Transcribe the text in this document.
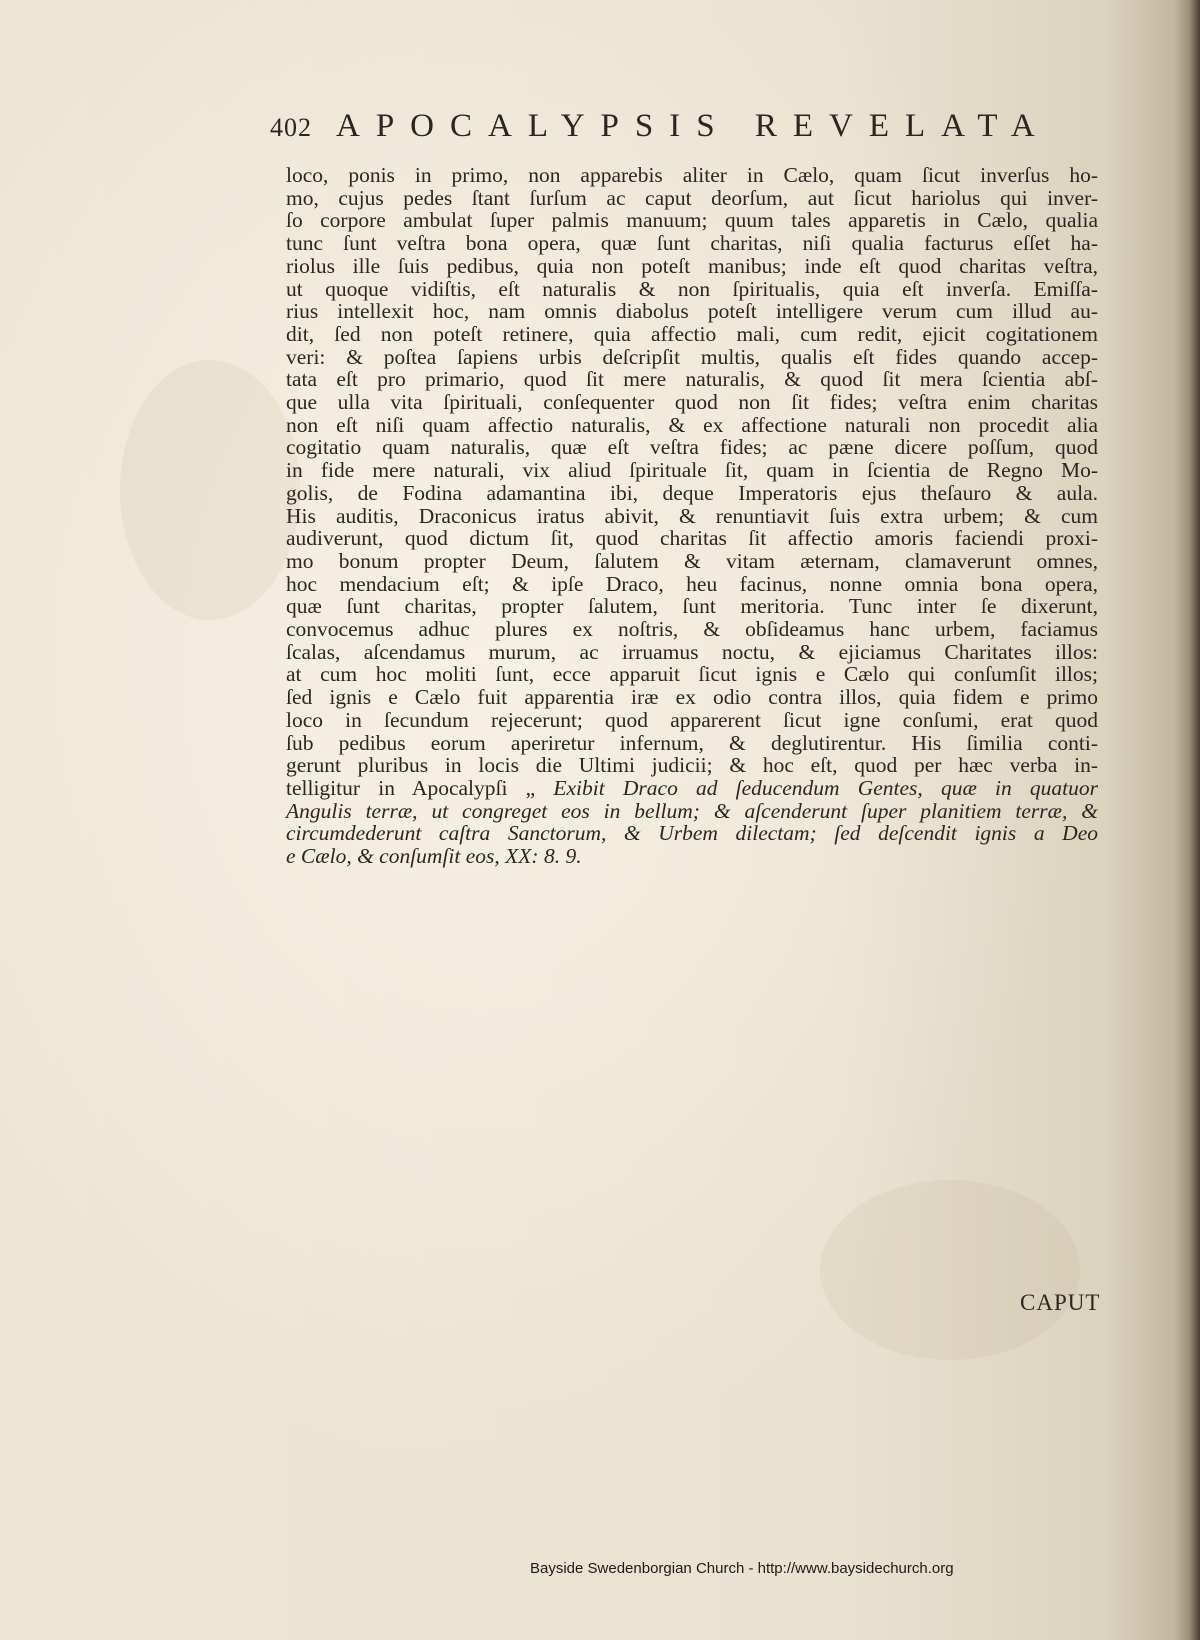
402 APOCALYPSIS REVELATA
loco, ponis in primo, non apparebis aliter in Cælo, quam ſicut inverſus ho-
mo, cujus pedes ſtant ſurſum ac caput deorſum, aut ſicut hariolus qui inver-
ſo corpore ambulat ſuper palmis manuum; quum tales apparetis in Cælo, qualia
tunc ſunt veſtra bona opera, quæ ſunt charitas, niſi qualia facturus eſſet ha-
riolus ille ſuis pedibus, quia non poteſt manibus; inde eſt quod charitas veſtra,
ut quoque vidiſtis, eſt naturalis & non ſpiritualis, quia eſt inverſa. Emiſſa-
rius intellexit hoc, nam omnis diabolus poteſt intelligere verum cum illud au-
dit, ſed non poteſt retinere, quia affectio mali, cum redit, ejicit cogitationem
veri: & poſtea ſapiens urbis deſcripſit multis, qualis eſt fides quando accep-
tata eſt pro primario, quod ſit mere naturalis, & quod ſit mera ſcientia abſ-
que ulla vita ſpirituali, conſequenter quod non ſit fides; veſtra enim charitas
non eſt niſi quam affectio naturalis, & ex affectione naturali non procedit alia
cogitatio quam naturalis, quæ eſt veſtra fides; ac pæne dicere poſſum, quod
in fide mere naturali, vix aliud ſpirituale ſit, quam in ſcientia de Regno Mo-
golis, de Fodina adamantina ibi, deque Imperatoris ejus theſauro & aula.
His auditis, Draconicus iratus abivit, & renuntiavit ſuis extra urbem; & cum
audiverunt, quod dictum ſit, quod charitas ſit affectio amoris faciendi proxi-
mo bonum propter Deum, ſalutem & vitam æternam, clamaverunt omnes,
hoc mendacium eſt; & ipſe Draco, heu facinus, nonne omnia bona opera,
quæ ſunt charitas, propter ſalutem, ſunt meritoria. Tunc inter ſe dixerunt,
convocemus adhuc plures ex noſtris, & obſideamus hanc urbem, faciamus
ſcalas, aſcendamus murum, ac irruamus noctu, & ejiciamus Charitates illos:
at cum hoc moliti ſunt, ecce apparuit ſicut ignis e Cælo qui conſumſit illos;
ſed ignis e Cælo fuit apparentia iræ ex odio contra illos, quia fidem e primo
loco in ſecundum rejecerunt; quod apparerent ſicut igne conſumi, erat quod
ſub pedibus eorum aperiretur infernum, & deglutirentur. His ſimilia conti-
gerunt pluribus in locis die Ultimi judicii; & hoc eſt, quod per hæc verba in-
telligitur in Apocalypſi „ Exibit Draco ad ſeducendum Gentes, quæ in quatuor
Angulis terræ, ut congreget eos in bellum; & aſcenderunt ſuper planitiem terræ, &
circumdederunt caſtra Sanctorum, & Urbem dilectam; ſed deſcendit ignis a Deo
e Cælo, & conſumſit eos, XX: 8. 9.
CAPUT
Bayside Swedenborgian Church - http://www.baysidechurch.org
